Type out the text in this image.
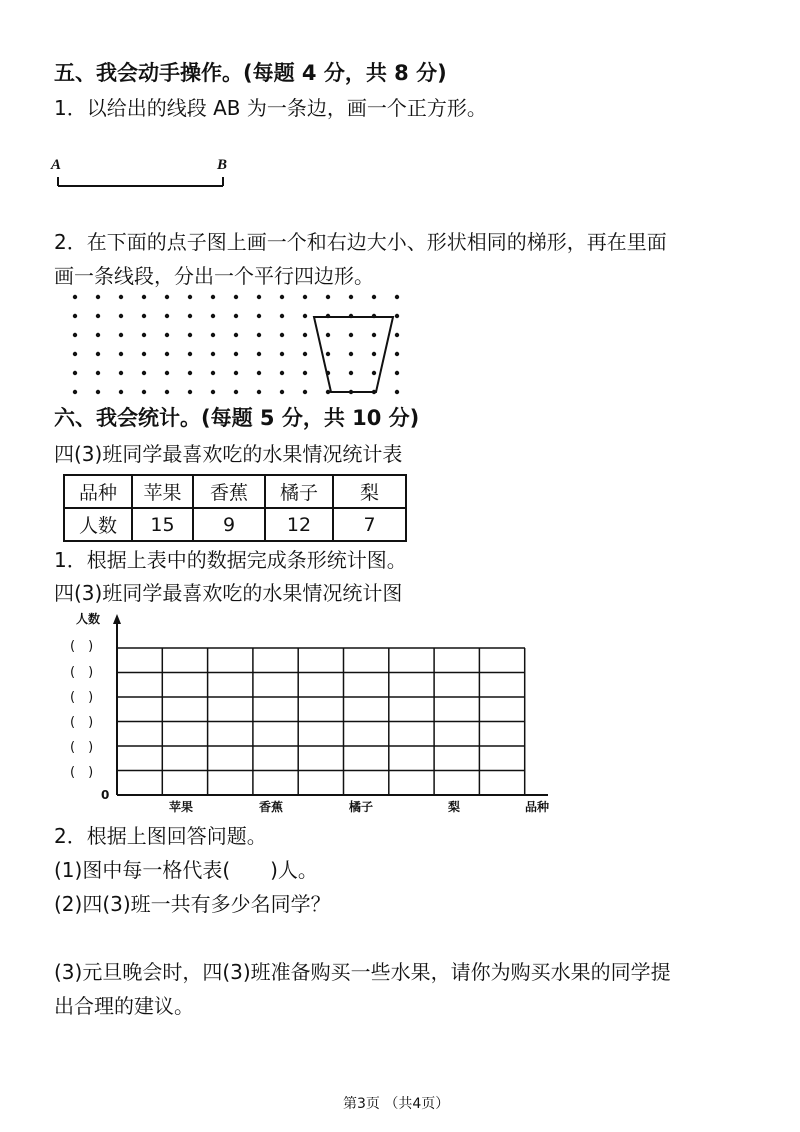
五、我会动手操作。(每题 4 分，共 8 分)
1．以给出的线段 AB 为一条边，画一个正方形。
A	B
2．在下面的点子图上画一个和右边大小、形状相同的梯形，再在里面
画一条线段，分出一个平行四边形。
六、我会统计。(每题 5 分，共 10 分)
四(3)班同学最喜欢吃的水果情况统计表
品种	苹果	香蕉	橘子	梨
人数	15	9	12	7
1．根据上表中的数据完成条形统计图。
四(3)班同学最喜欢吃的水果情况统计图
人数
0
品种
(　)
(　)
(　)
(　)
(　)
(　)
苹果	香蕉	橘子	梨
2．根据上图回答问题。
(1)图中每一格代表(　　)人。
(2)四(3)班一共有多少名同学？
(3)元旦晚会时，四(3)班准备购买一些水果，请你为购买水果的同学提
出合理的建议。
第3页 （共4页）
